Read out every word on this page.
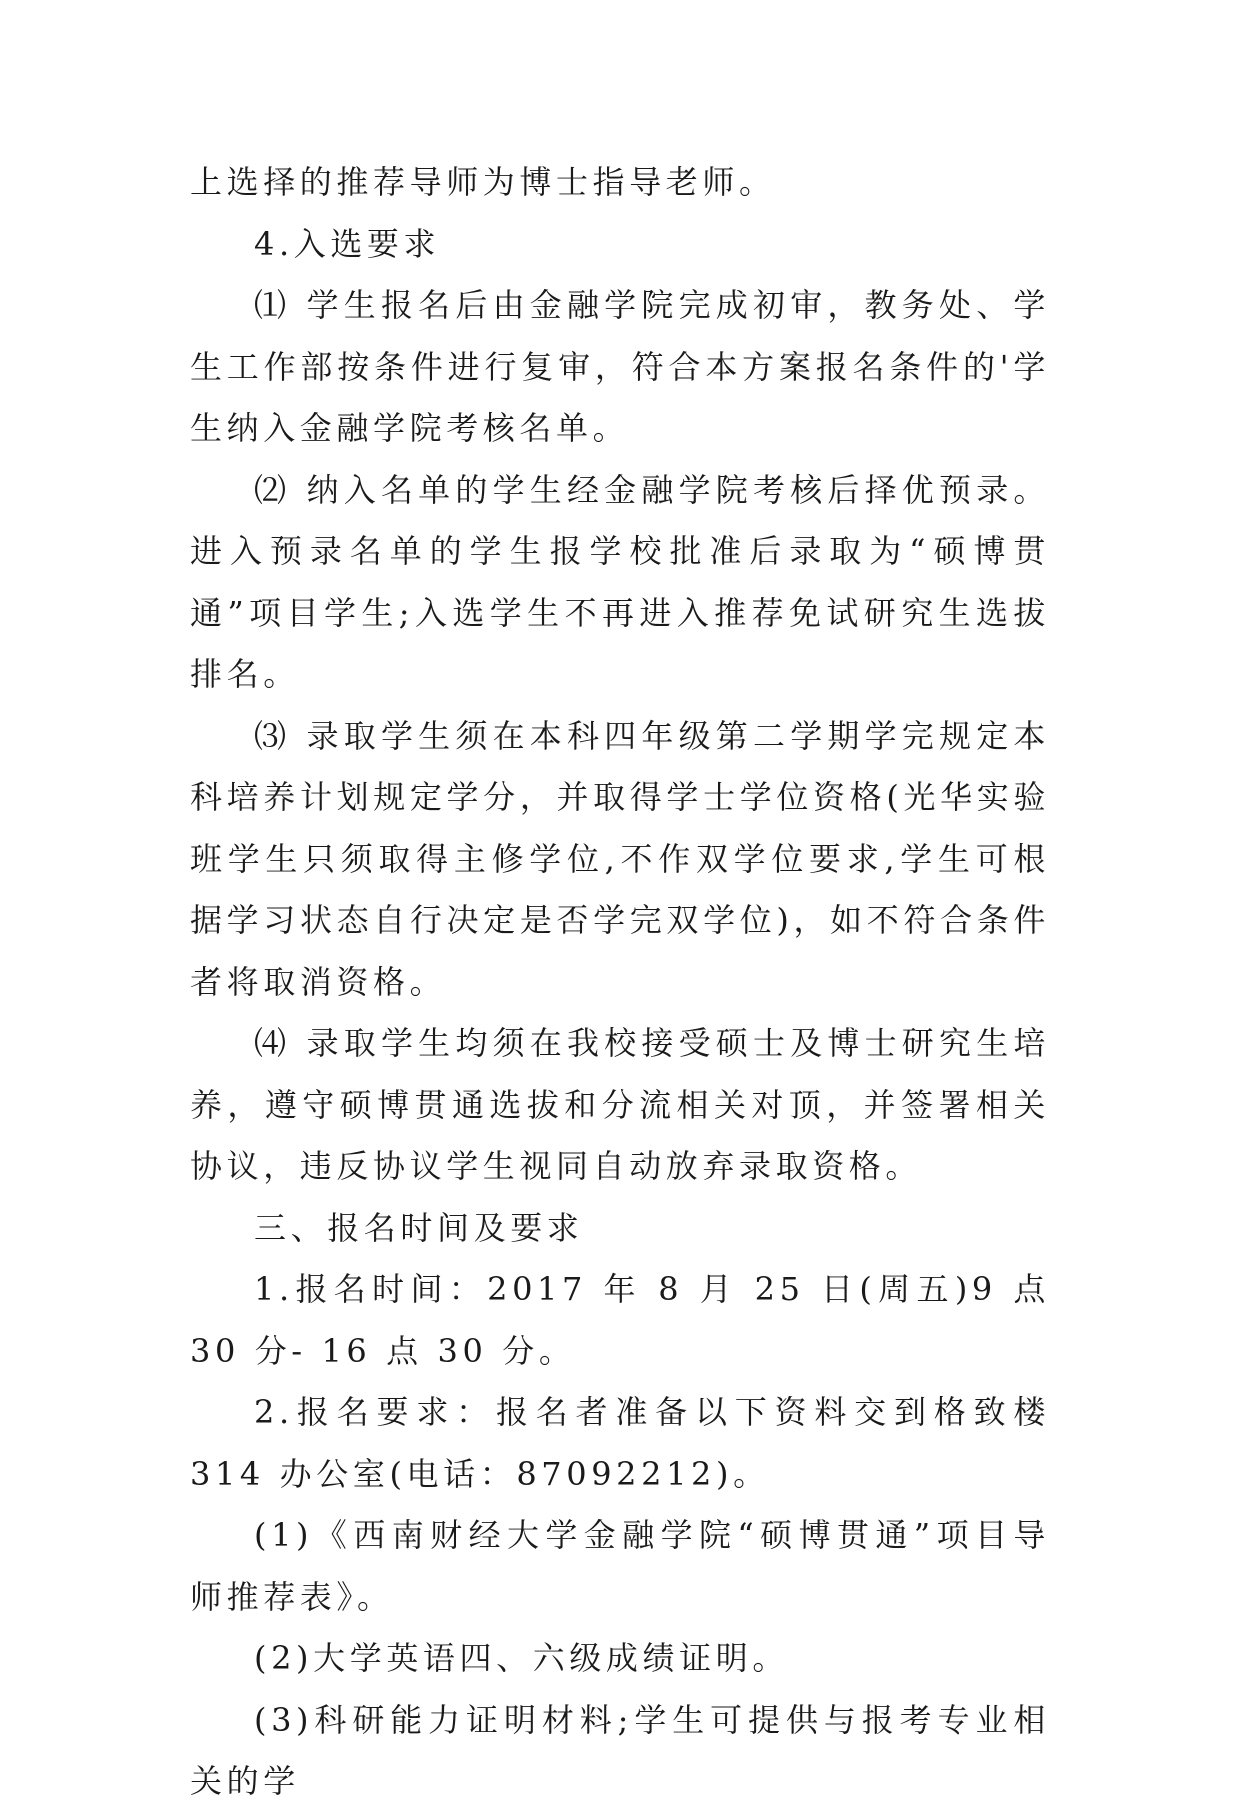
上选择的推荐导师为博士指导老师。

4.入选要求

⑴ 学生报名后由金融学院完成初审，教务处、学生工作部按条件进行复审，符合本方案报名条件的'学生纳入金融学院考核名单。

⑵ 纳入名单的学生经金融学院考核后择优预录。进入预录名单的学生报学校批准后录取为“硕博贯通”项目学生;入选学生不再进入推荐免试研究生选拔排名。

⑶ 录取学生须在本科四年级第二学期学完规定本科培养计划规定学分，并取得学士学位资格(光华实验班学生只须取得主修学位,不作双学位要求,学生可根据学习状态自行决定是否学完双学位)，如不符合条件者将取消资格。

⑷ 录取学生均须在我校接受硕士及博士研究生培养，遵守硕博贯通选拔和分流相关对顶，并签署相关协议，违反协议学生视同自动放弃录取资格。

三、报名时间及要求

1.报名时间：2017 年 8 月 25 日(周五)9 点 30 分- 16 点 30 分。

2.报名要求：报名者准备以下资料交到格致楼 314 办公室(电话：87092212)。

(1)《西南财经大学金融学院“硕博贯通”项目导师推荐表》。

(2)大学英语四、六级成绩证明。

(3)科研能力证明材料;学生可提供与报考专业相关的学
